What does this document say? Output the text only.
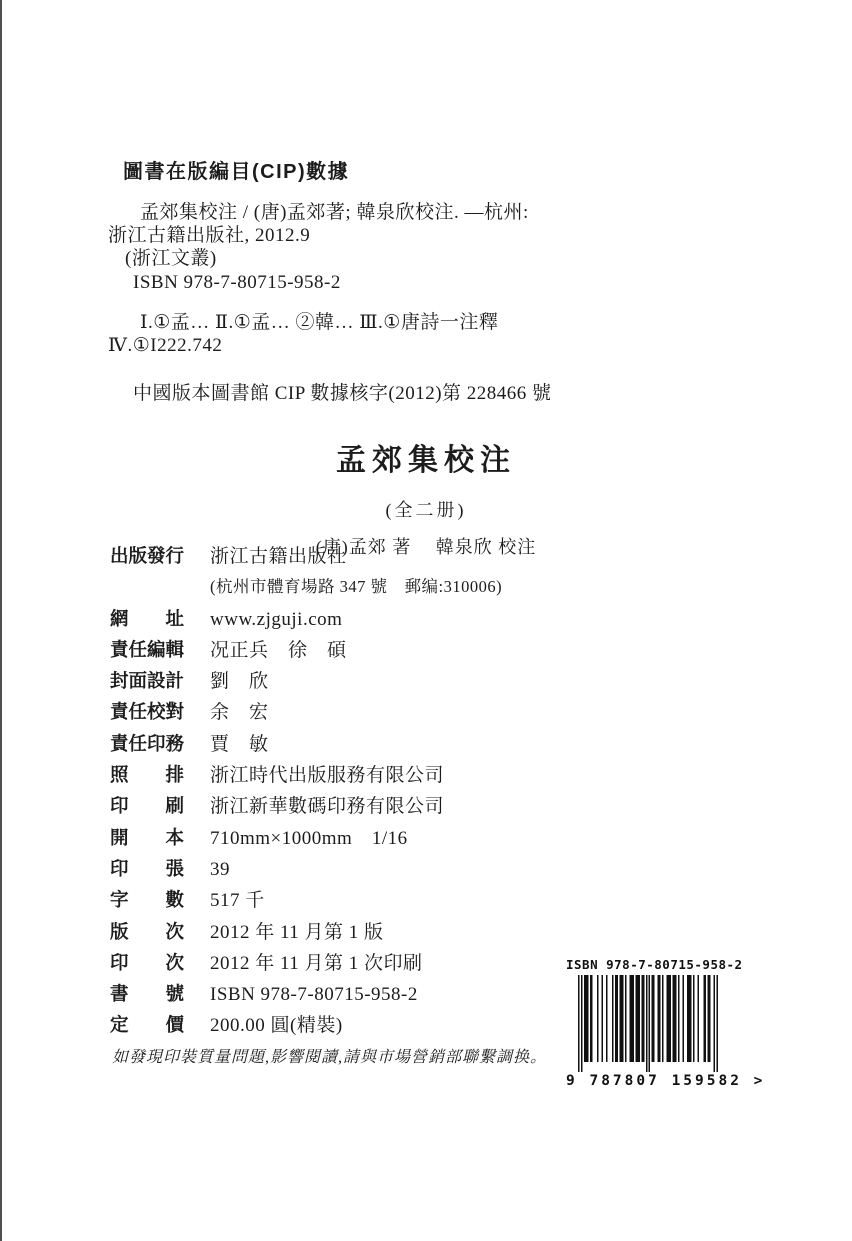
圖書在版編目(CIP)數據
孟郊集校注 / (唐)孟郊著; 韓泉欣校注. —杭州:
浙江古籍出版社, 2012.9
(浙江文叢)
ISBN 978-7-80715-958-2
Ⅰ.①孟… Ⅱ.①孟… ②韓… Ⅲ.①唐詩一注釋
Ⅳ.①I222.742
中國版本圖書館 CIP 數據核字(2012)第 228466 號
孟郊集校注
(全二册)
(唐)孟郊 著　 韓泉欣 校注
出版發行 浙江古籍出版社
(杭州市體育場路 347 號　郵编:310006)
網　　址 www.zjguji.com
責任編輯 况正兵　徐　碩
封面設計 劉　欣
責任校對 余　宏
責任印務 賈　敏
照　　排 浙江時代出版服務有限公司
印　　刷 浙江新華數碼印務有限公司
開　　本 710mm×1000mm　1/16
印　　張 39
字　　數 517 千
版　　次 2012 年 11 月第 1 版
印　　次 2012 年 11 月第 1 次印刷
書　　號 ISBN 978-7-80715-958-2
定　　價 200.00 圓(精裝)
如發現印裝質量問題,影響閱讀,請與市場營銷部聯繫調换。
ISBN 978-7-80715-958-2
9 787807 159582 >
